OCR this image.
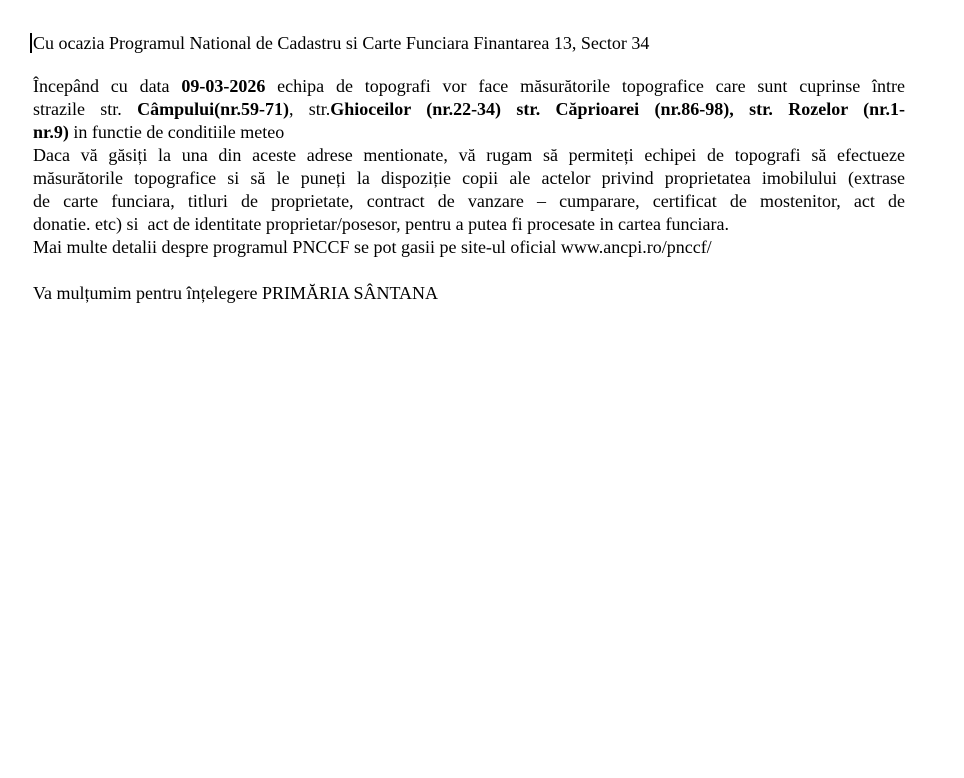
Cu ocazia Programul National de Cadastru si Carte Funciara Finantarea 13, Sector 34
Începând cu data 09-03-2026 echipa de topografi vor face măsurătorile topografice care sunt cuprinse între
strazile str. Câmpului(nr.59-71), str.Ghioceilor (nr.22-34) str. Căprioarei (nr.86-98), str. Rozelor (nr.1-
nr.9) in functie de conditiile meteo
Daca vă găsiți la una din aceste adrese mentionate, vă rugam să permiteți echipei de topografi să efectueze
măsurătorile topografice si să le puneți la dispoziție copii ale actelor privind proprietatea imobilului (extrase
de carte funciara, titluri de proprietate, contract de vanzare – cumparare, certificat de mostenitor, act de
donatie. etc) si  act de identitate proprietar/posesor, pentru a putea fi procesate in cartea funciara.
Mai multe detalii despre programul PNCCF se pot gasii pe site-ul oficial www.ancpi.ro/pnccf/
Va mulțumim pentru înțelegere PRIMĂRIA SÂNTANA
